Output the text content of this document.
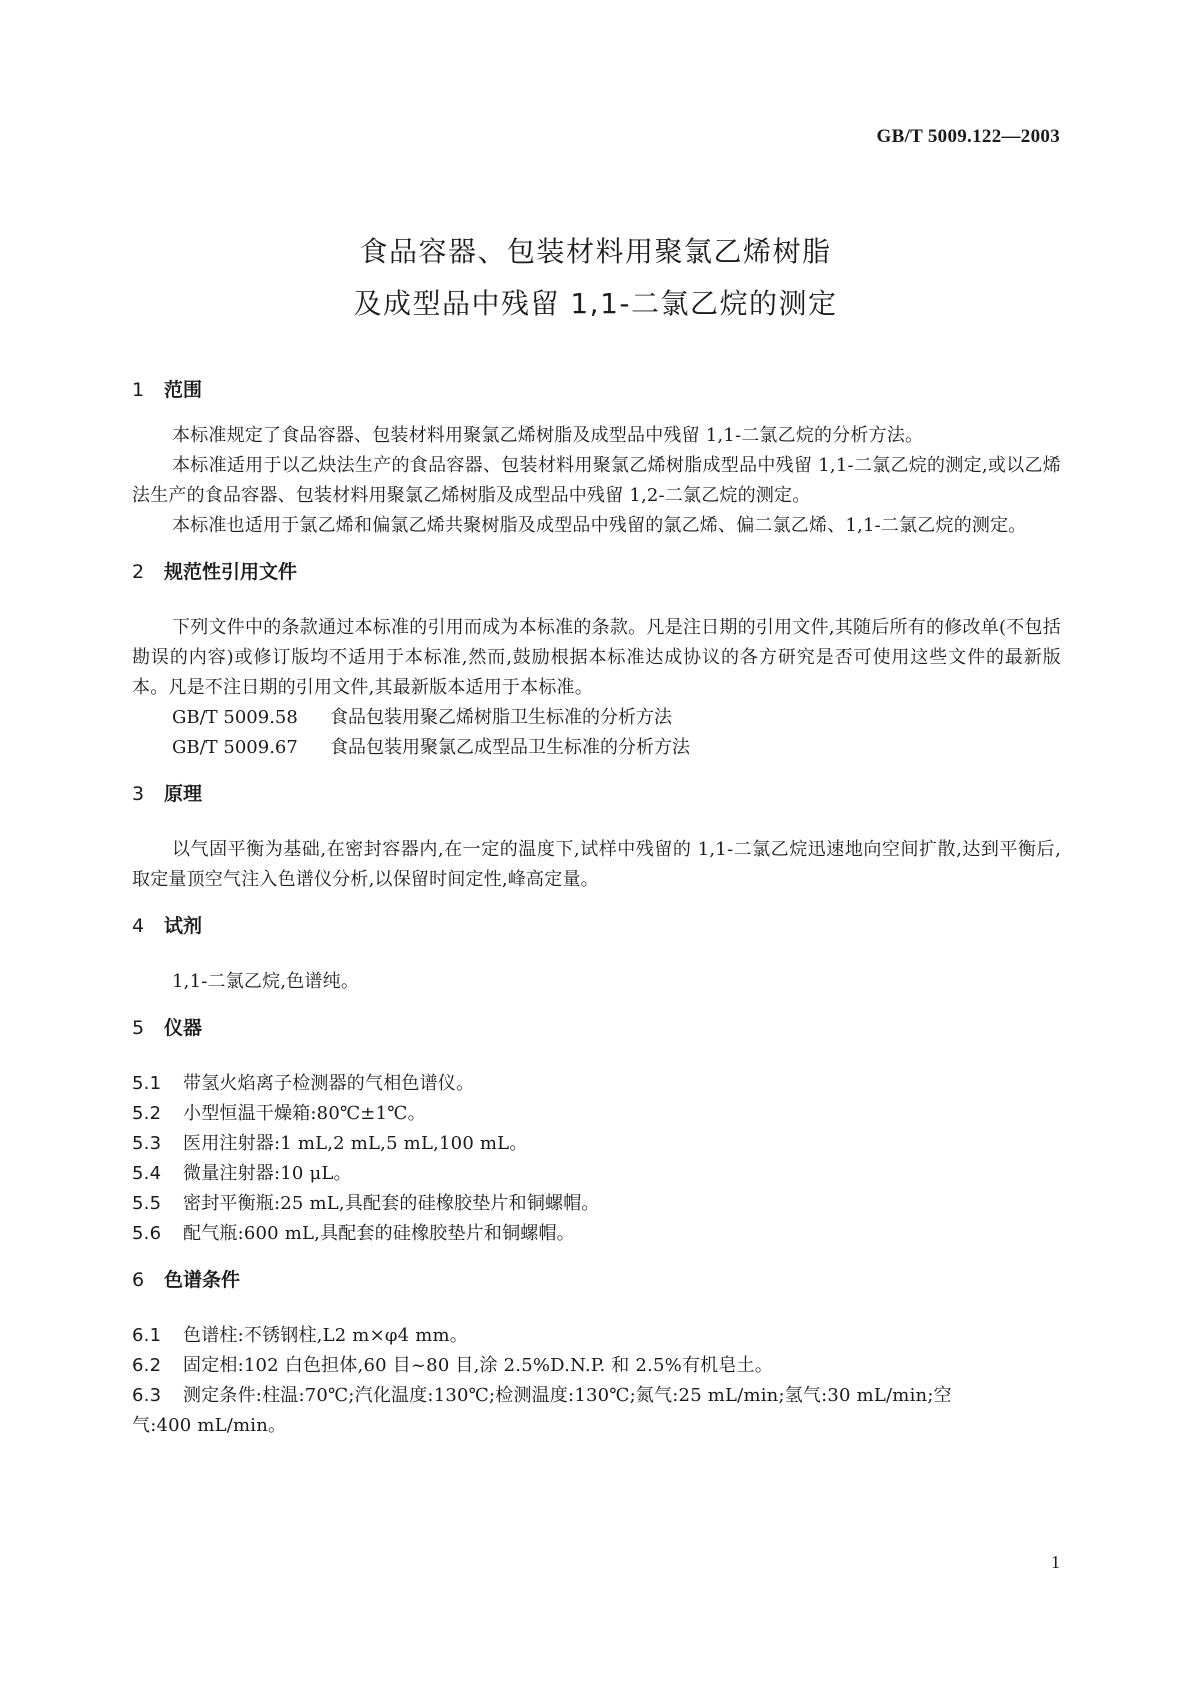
GB/T 5009.122—2003
食品容器、包装材料用聚氯乙烯树脂
及成型品中残留 1,1-二氯乙烷的测定
1 范围

本标准规定了食品容器、包装材料用聚氯乙烯树脂及成型品中残留 1,1-二氯乙烷的分析方法。

本标准适用于以乙炔法生产的食品容器、包装材料用聚氯乙烯树脂成型品中残留 1,1-二氯乙烷的测定,或以乙烯法生产的食品容器、包装材料用聚氯乙烯树脂及成型品中残留 1,2-二氯乙烷的测定。

本标准也适用于氯乙烯和偏氯乙烯共聚树脂及成型品中残留的氯乙烯、偏二氯乙烯、1,1-二氯乙烷的测定。

2 规范性引用文件

下列文件中的条款通过本标准的引用而成为本标准的条款。凡是注日期的引用文件,其随后所有的修改单(不包括勘误的内容)或修订版均不适用于本标准,然而,鼓励根据本标准达成协议的各方研究是否可使用这些文件的最新版本。凡是不注日期的引用文件,其最新版本适用于本标准。

GB/T 5009.58 食品包装用聚乙烯树脂卫生标准的分析方法
GB/T 5009.67 食品包装用聚氯乙成型品卫生标准的分析方法
3 原理

以气固平衡为基础,在密封容器内,在一定的温度下,试样中残留的 1,1-二氯乙烷迅速地向空间扩散,达到平衡后,取定量顶空气注入色谱仪分析,以保留时间定性,峰高定量。

4 试剂

1,1-二氯乙烷,色谱纯。

5 仪器
5.1 带氢火焰离子检测器的气相色谱仪。
5.2 小型恒温干燥箱:80℃±1℃。
5.3 医用注射器:1 mL,2 mL,5 mL,100 mL。
5.4 微量注射器:10 μL。
5.5 密封平衡瓶:25 mL,具配套的硅橡胶垫片和铜螺帽。
5.6 配气瓶:600 mL,具配套的硅橡胶垫片和铜螺帽。
6 色谱条件
6.1 色谱柱:不锈钢柱,L2 m×φ4 mm。
6.2 固定相:102 白色担体,60 目~80 目,涂 2.5%D.N.P. 和 2.5%有机皂土。
6.3 测定条件:柱温:70℃;汽化温度:130℃;检测温度:130℃;氮气:25 mL/min;氢气:30 mL/min;空
气:400 mL/min。
1
